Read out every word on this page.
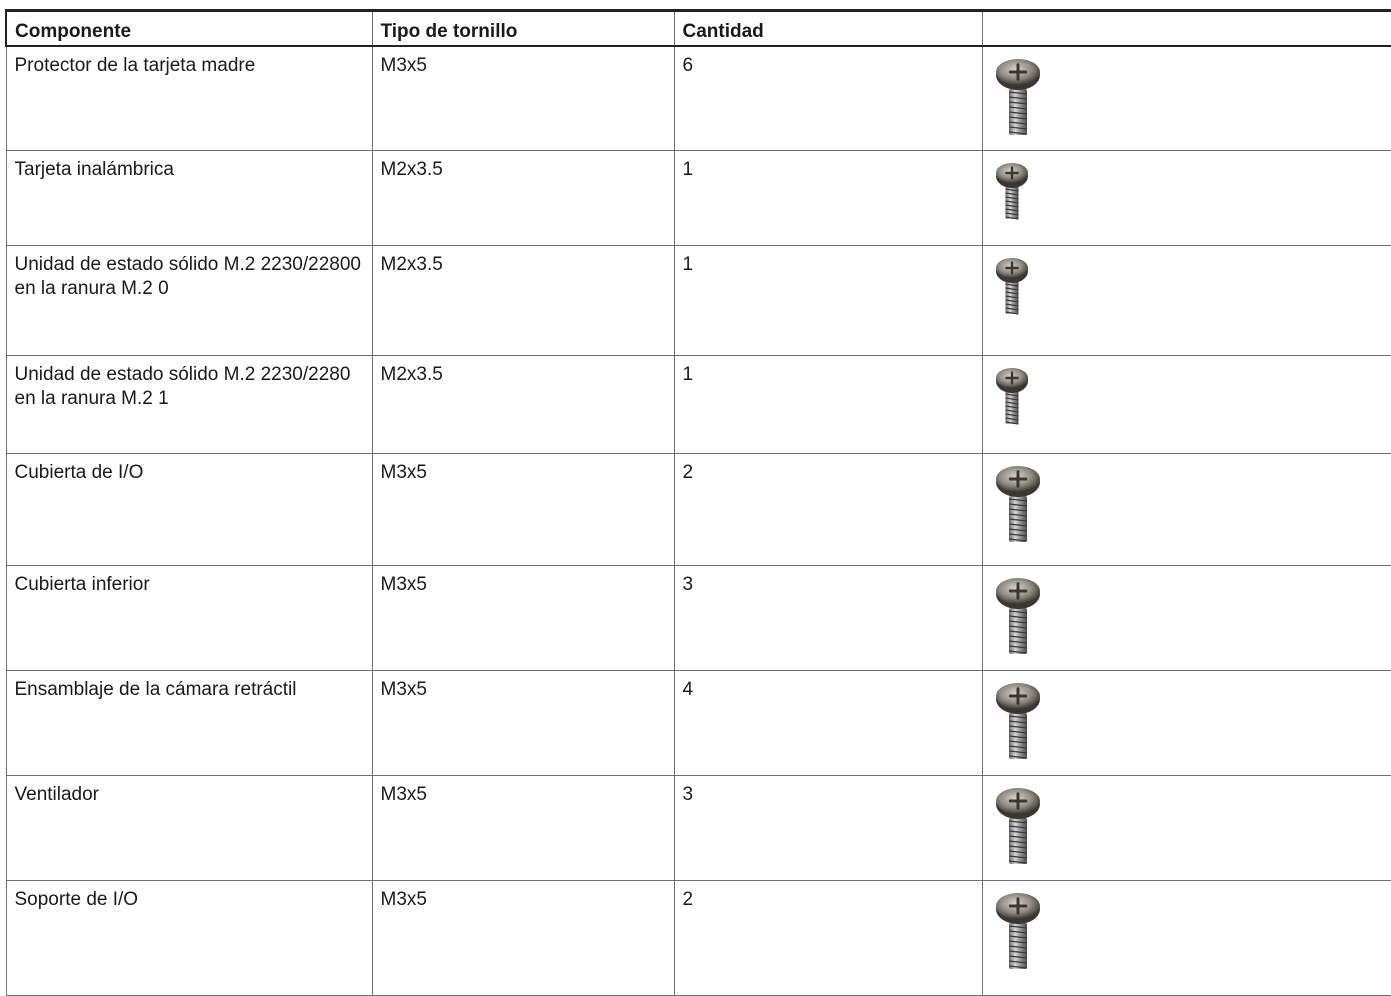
Componente	Tipo de tornillo	Cantidad	
Protector de la tarjeta madre	M3x5	6	

Tarjeta inalámbrica	M2x3.5	1	

Unidad de estado sólido M.2 2230/22800 en la ranura M.2 0	M2x3.5	1	

Unidad de estado sólido M.2 2230/2280 en la ranura M.2 1	M2x3.5	1	

Cubierta de I/O	M3x5	2	

Cubierta inferior	M3x5	3	

Ensamblaje de la cámara retráctil	M3x5	4	

Ventilador	M3x5	3	

Soporte de I/O	M3x5	2	
